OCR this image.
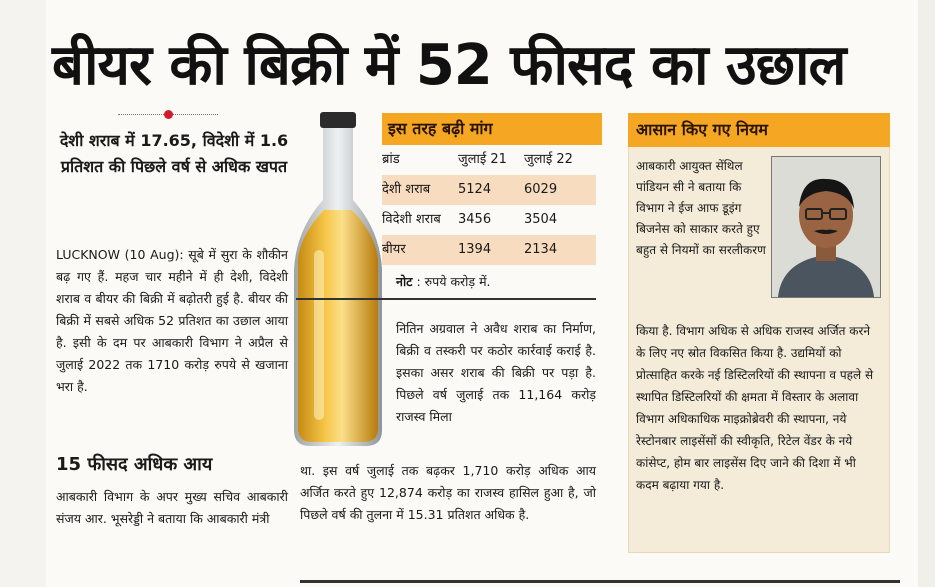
बीयर की बिक्री में 52 फीसद का उछाल
देशी शराब में 17.65, विदेशी में 1.6 प्रतिशत की पिछले वर्ष से अधिक खपत
LUCKNOW (10 Aug): सूबे में सुरा के शौकीन बढ़ गए हैं. महज चार महीने में ही देशी, विदेशी शराब व बीयर की बिक्री में बढ़ोतरी हुई है. बीयर की बिक्री में सबसे अधिक 52 प्रतिशत का उछाल आया है. इसी के दम पर आबकारी विभाग ने अप्रैल से जुलाई 2022 तक 1710 करोड़ रुपये से खजाना भरा है.
15 फीसद अधिक आय
आबकारी विभाग के अपर मुख्य सचिव आबकारी संजय आर. भूसरेड्डी ने बताया कि आबकारी मंत्री
इस तरह बढ़ी मांग
ब्रांड	जुलाई 21 जुलाई 22
देशी शराब 5124	6029
विदेशी शराब 3456	3504
बीयर	1394	2134
नोट : रुपये करोड़ में.
नितिन अग्रवाल ने अवैध शराब का निर्माण, बिक्री व तस्करी पर कठोर कार्रवाई कराई है. इसका असर शराब की बिक्री पर पड़ा है. पिछले वर्ष जुलाई तक 11,164 करोड़ राजस्व मिला
था. इस वर्ष जुलाई तक बढ़कर 1,710 करोड़ अधिक आय अर्जित करते हुए 12,874 करोड़ का राजस्व हासिल हुआ है, जो पिछले वर्ष की तुलना में 15.31 प्रतिशत अधिक है.
आसान किए गए नियम
आबकारी आयुक्त सेंथिल पांडियन सी ने बताया कि विभाग ने ईज आफ डूइंग बिजनेस को साकार करते हुए बहुत से नियमों का सरलीकरण
किया है. विभाग अधिक से अधिक राजस्व अर्जित करने के लिए नए स्रोत विकसित किया है. उद्यमियों को प्रोत्साहित करके नई डिस्टिलरियों की स्थापना व पहले से स्थापित डिस्टिलरियों की क्षमता में विस्तार के अलावा विभाग अधिकाधिक माइक्रोब्रेवरी की स्थापना, नये रेस्टोनबार लाइसेंसों की स्वीकृति, रिटेल वेंडर के नये कांसेप्ट, होम बार लाइसेंस दिए जाने की दिशा में भी कदम बढ़ाया गया है.
